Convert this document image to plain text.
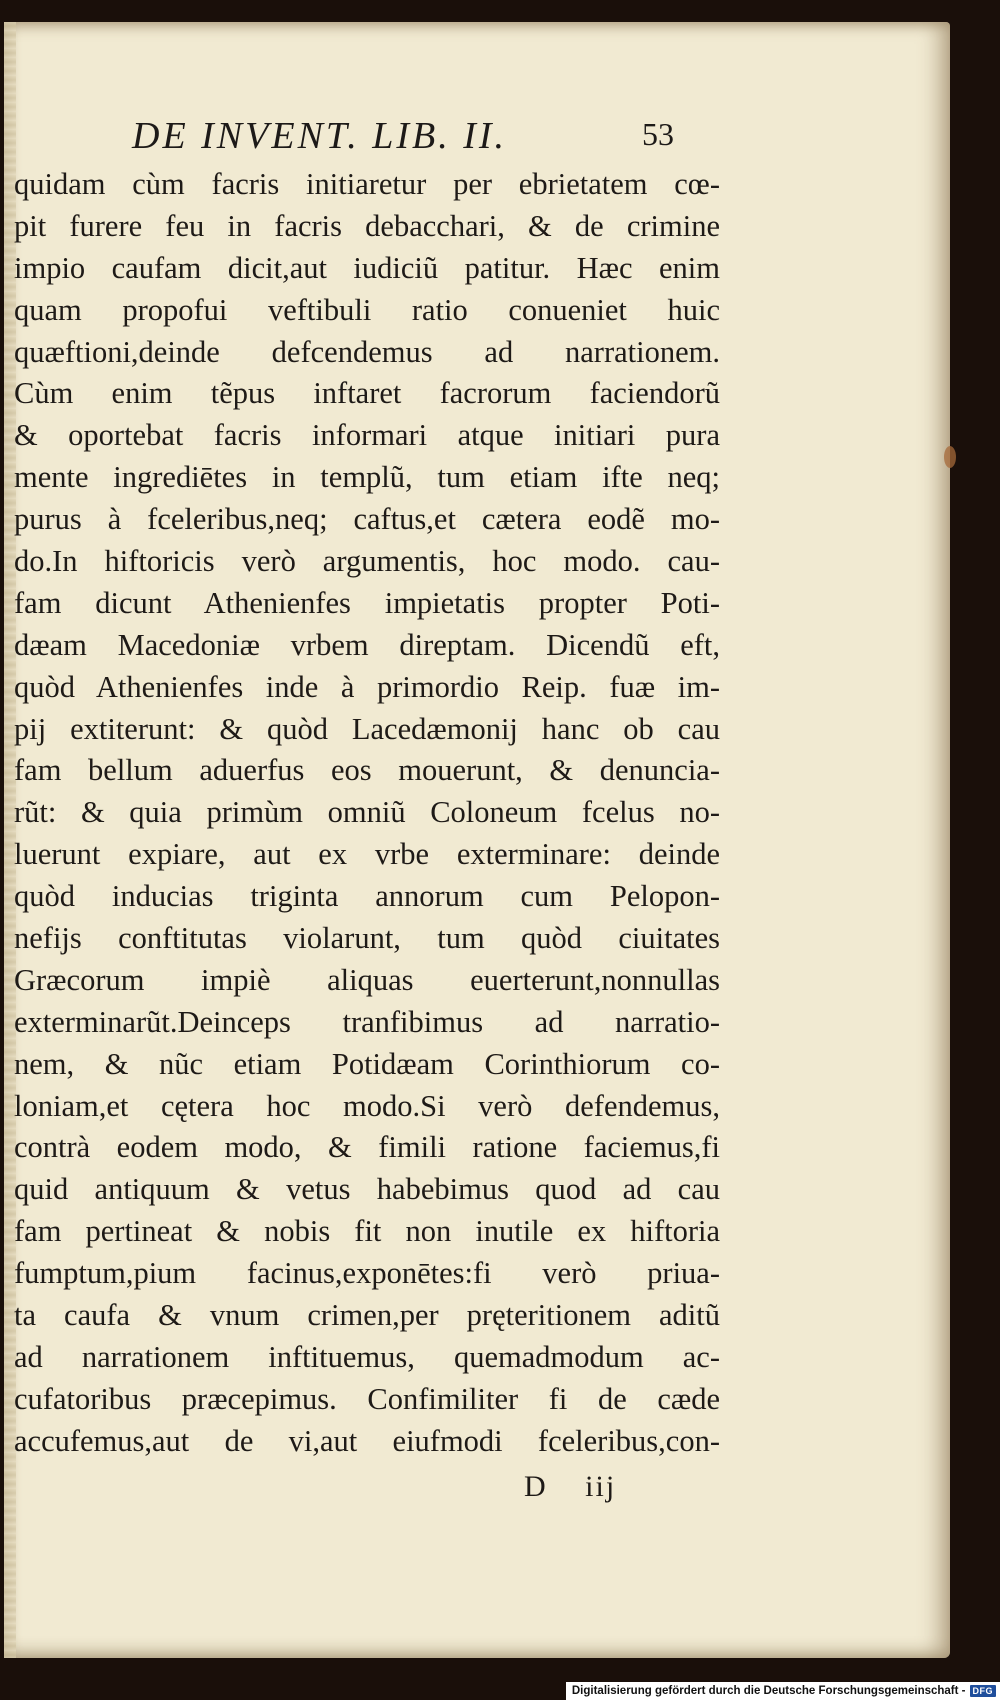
DE INVENT. LIB. II.	53
quidam cùm facris initiaretur per ebrietatem cœ-
pit furere feu in facris debacchari, & de crimine
impio caufam dicit,aut iudiciũ patitur. Hæc enim
quam propofui veftibuli ratio conueniet huic
quæftioni,deinde defcendemus ad narrationem.
Cùm enim tẽpus inftaret facrorum faciendorũ
& oportebat facris informari atque initiari pura
mente ingrediētes in templũ, tum etiam ifte neq;
purus à fceleribus,neq; caftus,et cætera eodẽ mo-
do.In hiftoricis verò argumentis, hoc modo. cau-
fam dicunt Athenienfes impietatis propter Poti-
dæam Macedoniæ vrbem direptam. Dicendũ eft,
quòd Athenienfes inde à primordio Reip. fuæ im-
pij extiterunt: & quòd Lacedæmonij hanc ob cau
fam bellum aduerfus eos mouerunt, & denuncia-
rũt: & quia primùm omniũ Coloneum fcelus no-
luerunt expiare, aut ex vrbe exterminare: deinde
quòd inducias triginta annorum cum Pelopon-
nefijs conftitutas violarunt, tum quòd ciuitates
Græcorum impiè aliquas euerterunt,nonnullas
exterminarũt.Deinceps tranfibimus ad narratio-
nem, & nũc etiam Potidæam Corinthiorum co-
loniam,et cętera hoc modo.Si verò defendemus,
contrà eodem modo, & fimili ratione faciemus,fi
quid antiquum & vetus habebimus quod ad cau
fam pertineat & nobis fit non inutile ex hiftoria
fumptum,pium facinus,exponētes:fi verò priua-
ta caufa & vnum crimen,per pręteritionem aditũ
ad narrationem inftituemus, quemadmodum ac-
cufatoribus præcepimus. Confimiliter fi de cæde
accufemus,aut de vi,aut eiufmodi fceleribus,con-
D iij
Digitalisierung gefördert durch die Deutsche Forschungsgemeinschaft - DFG
